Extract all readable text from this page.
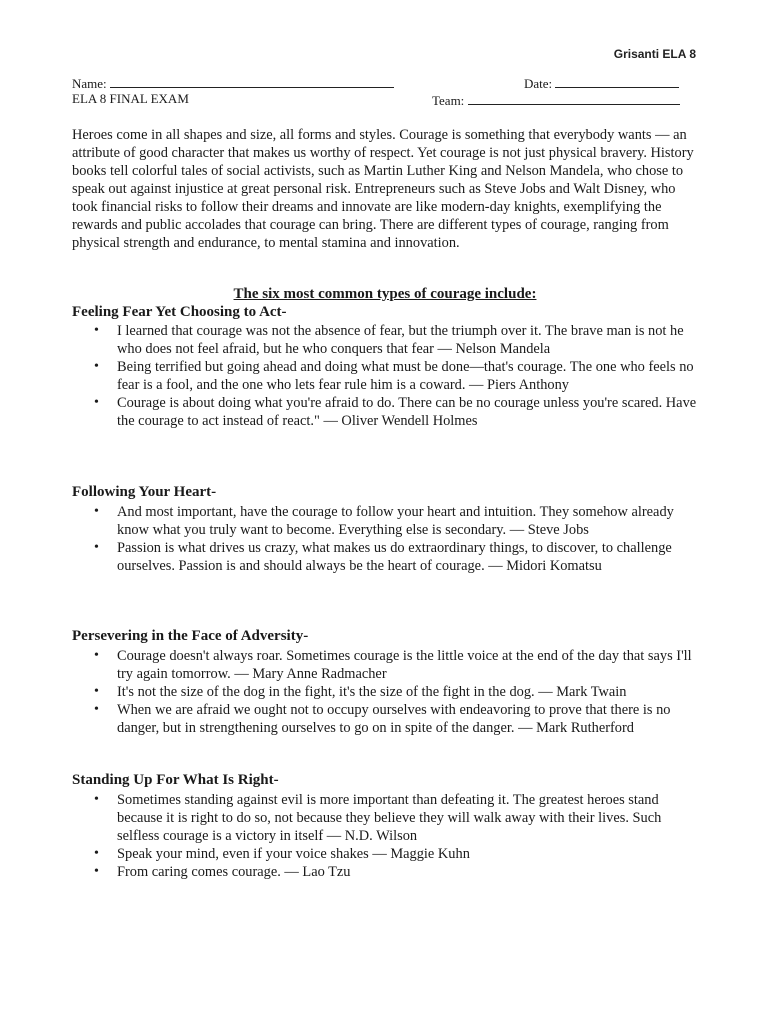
Grisanti ELA 8
Name:	Date:
ELA 8 FINAL EXAM	Team:
Heroes come in all shapes and size, all forms and styles. Courage is something that everybody wants — an attribute of good character that makes us worthy of respect. Yet courage is not just physical bravery. History books tell colorful tales of social activists, such as Martin Luther King and Nelson Mandela, who chose to speak out against injustice at great personal risk. Entrepreneurs such as Steve Jobs and Walt Disney, who took financial risks to follow their dreams and innovate are like modern-day knights, exemplifying the rewards and public accolades that courage can bring. There are different types of courage, ranging from physical strength and endurance, to mental stamina and innovation.
The six most common types of courage include:
Feeling Fear Yet Choosing to Act-
• I learned that courage was not the absence of fear, but the triumph over it. The brave man is not he who does not feel afraid, but he who conquers that fear — Nelson Mandela
• Being terrified but going ahead and doing what must be done—that's courage. The one who feels no fear is a fool, and the one who lets fear rule him is a coward. — Piers Anthony
• Courage is about doing what you're afraid to do. There can be no courage unless you're scared. Have the courage to act instead of react." — Oliver Wendell Holmes
Following Your Heart-
• And most important, have the courage to follow your heart and intuition. They somehow already know what you truly want to become. Everything else is secondary. — Steve Jobs
• Passion is what drives us crazy, what makes us do extraordinary things, to discover, to challenge ourselves. Passion is and should always be the heart of courage. — Midori Komatsu
Persevering in the Face of Adversity-
• Courage doesn't always roar. Sometimes courage is the little voice at the end of the day that says I'll try again tomorrow. — Mary Anne Radmacher
• It's not the size of the dog in the fight, it's the size of the fight in the dog. — Mark Twain
• When we are afraid we ought not to occupy ourselves with endeavoring to prove that there is no danger, but in strengthening ourselves to go on in spite of the danger. — Mark Rutherford
Standing Up For What Is Right-
• Sometimes standing against evil is more important than defeating it. The greatest heroes stand because it is right to do so, not because they believe they will walk away with their lives. Such selfless courage is a victory in itself — N.D. Wilson
• Speak your mind, even if your voice shakes — Maggie Kuhn
• From caring comes courage. — Lao Tzu
